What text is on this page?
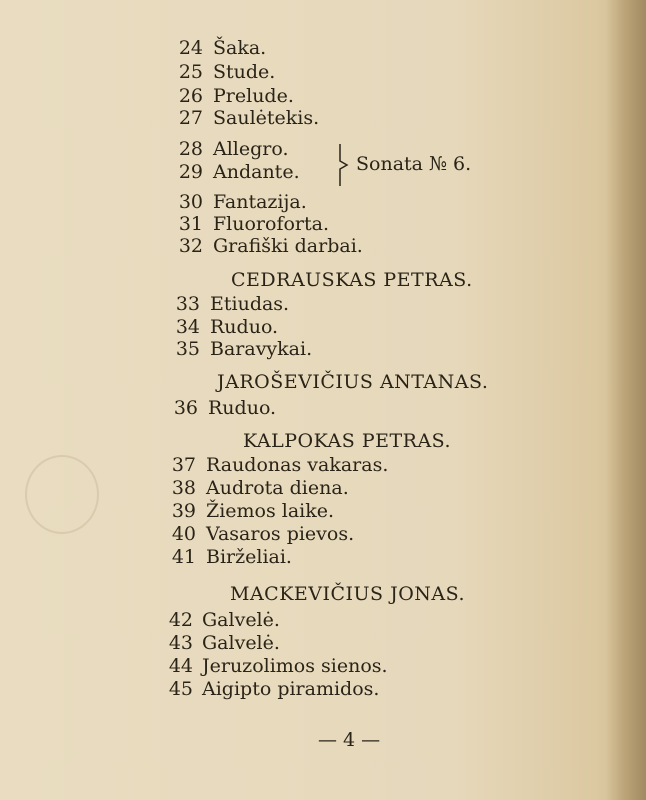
24 Šaka.
25 Stude.
26 Prelude.
27 Saulėtekis.
28 Allegro.
29 Andante.	Sonata № 6.
30 Fantazija.
31 Fluoroforta.
32 Grafiški darbai.
CEDRAUSKAS PETRAS.
33 Etiudas.
34 Ruduo.
35 Baravykai.
JAROŠEVIČIUS ANTANAS.
36 Ruduo.
KALPOKAS PETRAS.
37 Raudonas vakaras.
38 Audrota diena.
39 Žiemos laike.
40 Vasaros pievos.
41 Birželiai.
MACKEVIČIUS JONAS.
42 Galvelė.
43 Galvelė.
44 Jeruzolimos sienos.
45 Aigipto piramidos.
— 4 —
